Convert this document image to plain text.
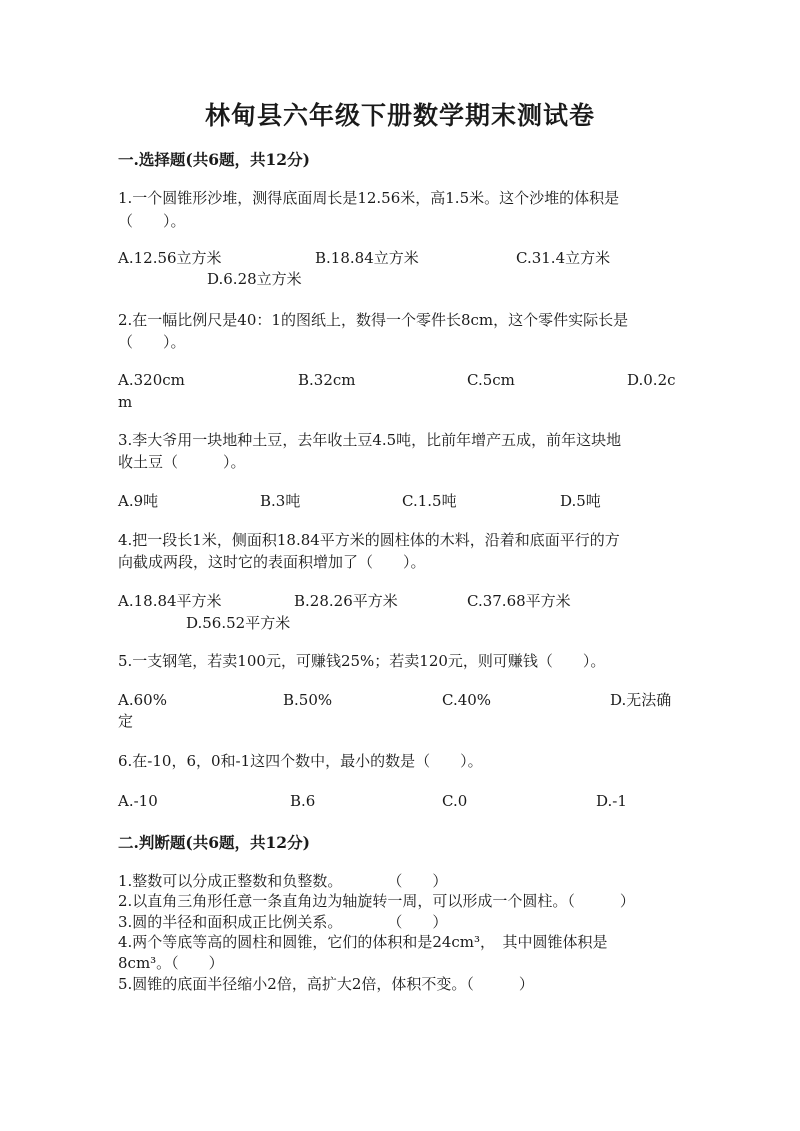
林甸县六年级下册数学期末测试卷
一.选择题(共6题，共12分)
1.一个圆锥形沙堆，测得底面周长是12.56米，高1.5米。这个沙堆的体积是
（　　）。
A.12.56立方米	B.18.84立方米	C.31.4立方米
D.6.28立方米
2.在一幅比例尺是40：1的图纸上，数得一个零件长8cm，这个零件实际长是
（　　）。
A.320cm	B.32cm	C.5cm	D.0.2c
m
3.李大爷用一块地种土豆，去年收土豆4.5吨，比前年增产五成，前年这块地
收土豆（　　　）。
A.9吨	B.3吨	C.1.5吨	D.5吨
4.把一段长1米，侧面积18.84平方米的圆柱体的木料，沿着和底面平行的方
向截成两段，这时它的表面积增加了（　　）。
A.18.84平方米	B.28.26平方米	C.37.68平方米
D.56.52平方米
5.一支钢笔，若卖100元，可赚钱25%；若卖120元，则可赚钱（　　）。
A.60%	B.50%	C.40%	D.无法确
定
6.在-10，6，0和-1这四个数中，最小的数是（　　）。
A.-10	B.6	C.0	D.-1
二.判断题(共6题，共12分)
1.整数可以分成正整数和负整数。　　　　（　　）
2.以直角三角形任意一条直角边为轴旋转一周，可以形成一个圆柱。（　　　）
3.圆的半径和面积成正比例关系。　　　　（　　）
4.两个等底等高的圆柱和圆锥，它们的体积和是24cm³，　其中圆锥体积是
8cm³。（　　）
5.圆锥的底面半径缩小2倍，高扩大2倍，体积不变。（　　　）
